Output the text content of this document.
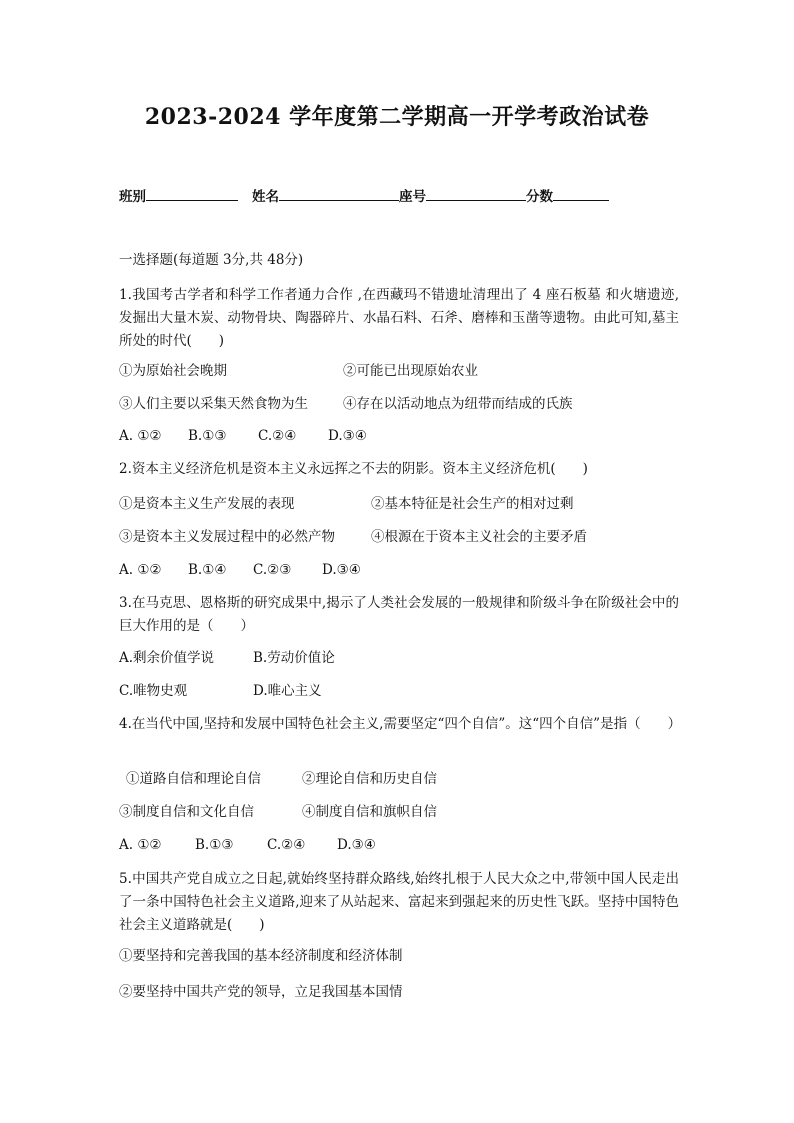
2023-2024 学年度第二学期高一开学考政治试卷
班别	姓名	座号	分数
一选择题(每道题 3分,共 48分)
1.我国考古学者和科学工作者通力合作 ,在西藏玛不错遗址清理出了 4 座石板墓 和火塘遗迹,发掘出大量木炭、动物骨块、陶器碎片、水晶石料、石斧、磨棒和玉凿等遗物。由此可知,墓主所处的时代(　　)
①为原始社会晚期	②可能已出现原始农业
③人们主要以采集天然食物为生	④存在以活动地点为纽带而结成的氏族
A. ①② B.①③ C.②④ D.③④
2.资本主义经济危机是资本主义永远挥之不去的阴影。资本主义经济危机(　　)
①是资本主义生产发展的表现	②基本特征是社会生产的相对过剩
③是资本主义发展过程中的必然产物	④根源在于资本主义社会的主要矛盾
A. ①② B.①④ C.②③ D.③④
3.在马克思、恩格斯的研究成果中,揭示了人类社会发展的一般规律和阶级斗争在阶级社会中的巨大作用的是（　　）
A.剩余价值学说	B.劳动价值论
C.唯物史观	D.唯心主义
4.在当代中国,坚持和发展中国特色社会主义,需要坚定“四个自信”。这“四个自信”是指（　　）
①道路自信和理论自信	②理论自信和历史自信
③制度自信和文化自信	④制度自信和旗帜自信
A. ①② B.①③ C.②④ D.③④
5.中国共产党自成立之日起,就始终坚持群众路线,始终扎根于人民大众之中,带领中国人民走出了一条中国特色社会主义道路,迎来了从站起来、富起来到强起来的历史性飞跃。坚持中国特色社会主义道路就是(　　)
①要坚持和完善我国的基本经济制度和经济体制
②要坚持中国共产党的领导，立足我国基本国情
